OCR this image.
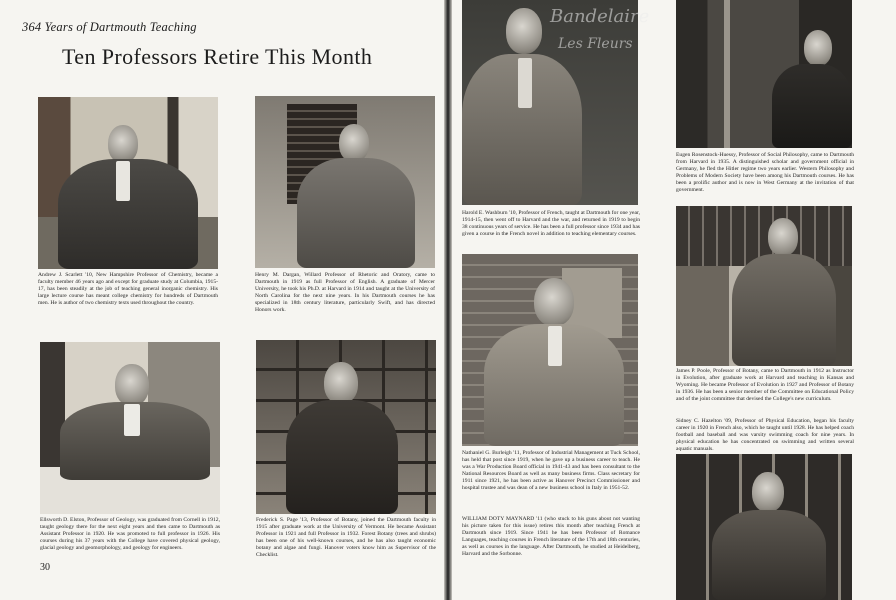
364 Years of Dartmouth Teaching
Ten Professors Retire This Month
Andrew J. Scarlett '10, New Hampshire Professor of Chemistry, became a faculty member 46 years ago and except for graduate study at Columbia, 1915-17, has been steadily at the job of teaching general inorganic chemistry. His large lecture course has meant college chemistry for hundreds of Dartmouth men. He is author of two chemistry texts used throughout the country.
Henry M. Dargan, Willard Professor of Rhetoric and Oratory, came to Dartmouth in 1919 as full Professor of English. A graduate of Mercer University, he took his Ph.D. at Harvard in 1914 and taught at the University of North Carolina for the next nine years. In his Dartmouth courses he has specialized in 18th century literature, particularly Swift, and has directed Honors work.
Ellsworth D. Elston, Professor of Geology, was graduated from Cornell in 1912, taught geology there for the next eight years and then came to Dartmouth as Assistant Professor in 1920. He was promoted to full professor in 1926. His courses during his 37 years with the College have covered physical geology, glacial geology and geomorphology, and geology for engineers.
Frederick S. Page '13, Professor of Botany, joined the Dartmouth faculty in 1915 after graduate work at the University of Vermont. He became Assistant Professor in 1921 and full Professor in 1932. Forest Botany (trees and shrubs) has been one of his well-known courses, and he has also taught economic botany and algae and fungi. Hanover voters know him as Supervisor of the Checklist.
30
Bandelaire
Les Fleurs
Harold E. Washburn '10, Professor of French, taught at Dartmouth for one year, 1914-15, then went off to Harvard and the war, and returned in 1919 to begin 38 continuous years of service. He has been a full professor since 1934 and has given a course in the French novel in addition to teaching elementary courses.
Eugen Rosenstock-Huessy, Professor of Social Philosophy, came to Dartmouth from Harvard in 1935. A distinguished scholar and government official in Germany, he fled the Hitler regime two years earlier. Western Philosophy and Problems of Modern Society have been among his Dartmouth courses. He has been a prolific author and is now in West Germany at the invitation of that government.
Nathaniel G. Burleigh '11, Professor of Industrial Management at Tuck School, has held that post since 1919, when he gave up a business career to teach. He was a War Production Board official in 1941-43 and has been consultant to the National Resources Board as well as many business firms. Class secretary for 1911 since 1921, he has been active as Hanover Precinct Commissioner and hospital trustee and was dean of a new business school in Italy in 1951-52.
James P. Poole, Professor of Botany, came to Dartmouth in 1912 as Instructor in Evolution, after graduate work at Harvard and teaching in Kansas and Wyoming. He became Professor of Evolution in 1927 and Professor of Botany in 1936. He has been a senior member of the Committee on Educational Policy and of the joint committee that devised the College's new curriculum.
Sidney C. Hazelton '09, Professor of Physical Education, began his faculty career in 1920 in French also, which he taught until 1928. He has helped coach football and baseball and was varsity swimming coach for nine years. In physical education he has concentrated on swimming and written several aquatic manuals.
WILLIAM DOTY MAYNARD '11 (who stuck to his guns about not wanting his picture taken for this issue) retires this month after teaching French at Dartmouth since 1919. Since 1941 he has been Professor of Romance Languages, teaching courses in French literature of the 17th and 18th centuries, as well as courses in the language. After Dartmouth, he studied at Heidelberg, Harvard and the Sorbonne.
